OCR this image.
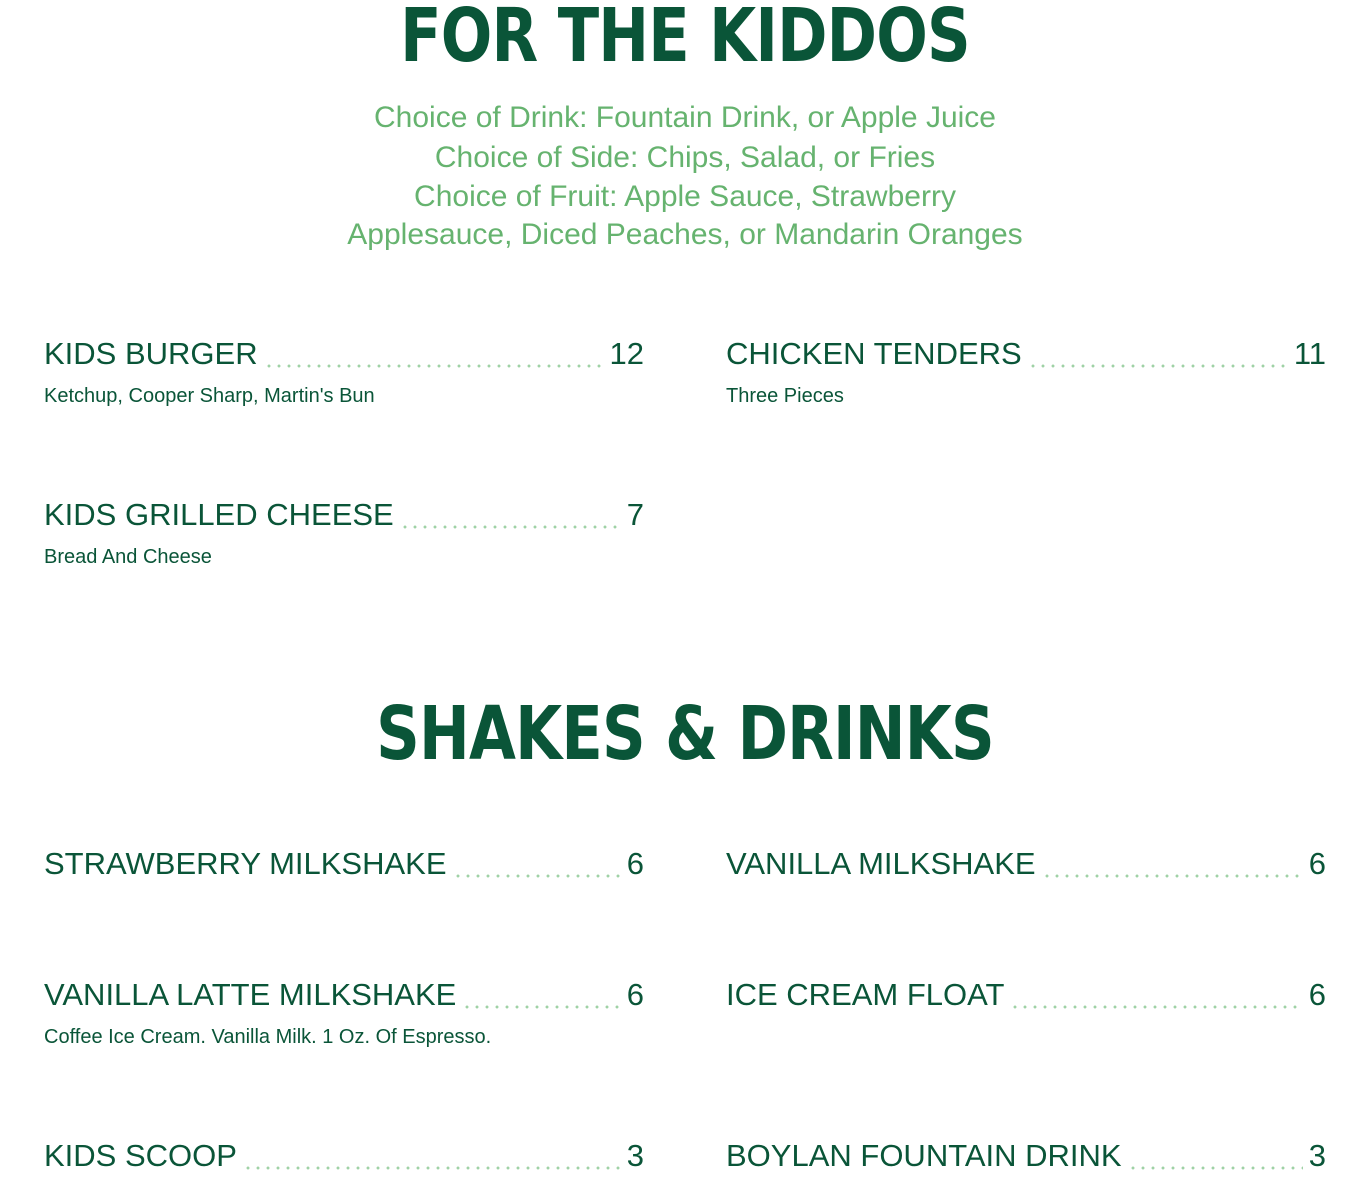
FOR THE KIDDOS
Choice of Drink: Fountain Drink, or Apple Juice
Choice of Side: Chips, Salad, or Fries
Choice of Fruit: Apple Sauce, Strawberry
Applesauce, Diced Peaches, or Mandarin Oranges
KIDS BURGER	12
Ketchup, Cooper Sharp, Martin's Bun
CHICKEN TENDERS	11
Three Pieces
KIDS GRILLED CHEESE	7
Bread And Cheese
SHAKES & DRINKS
STRAWBERRY MILKSHAKE	6	VANILLA MILKSHAKE	6
VANILLA LATTE MILKSHAKE	6
Coffee Ice Cream. Vanilla Milk. 1 Oz. Of Espresso.
ICE CREAM FLOAT	6
KIDS SCOOP	3	BOYLAN FOUNTAIN DRINK	3
